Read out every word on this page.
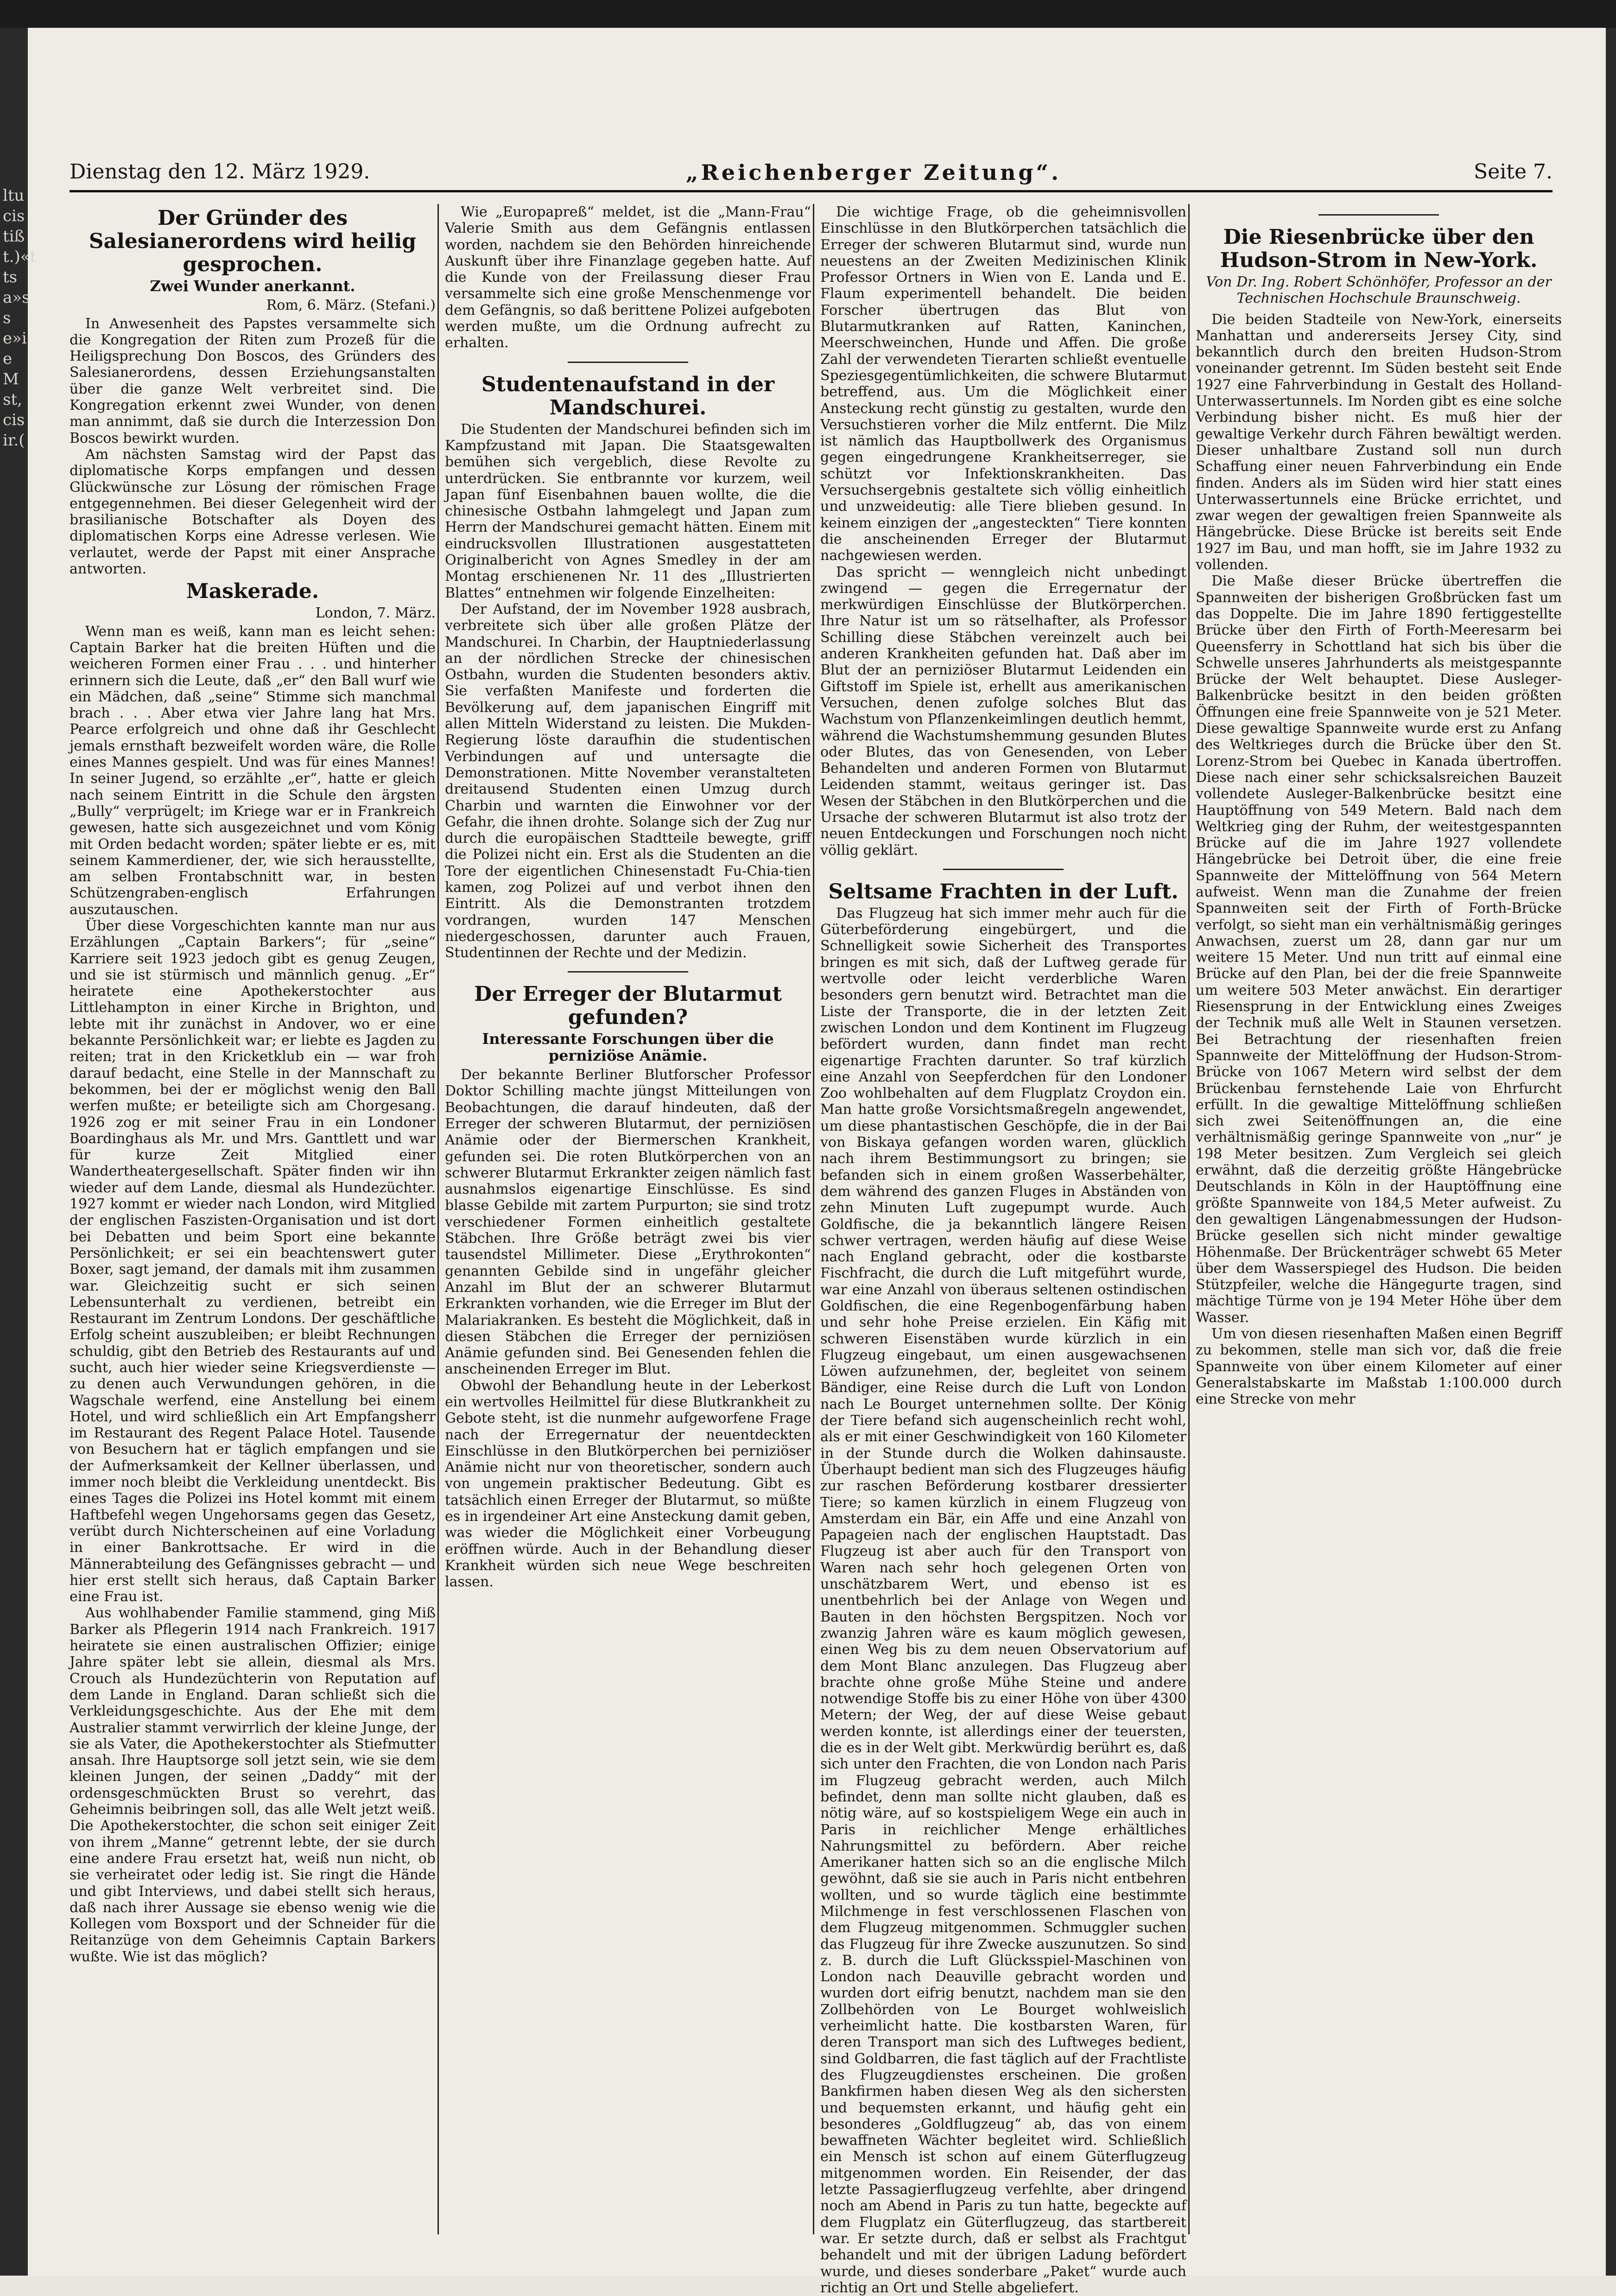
ltucistißt.)«ttsa»sse»ieMst,cisir.(
Dienstag den 12. März 1929.	„Reichenberger Zeitung“.	Seite 7.
Der Gründer des Salesianerordens wird heilig gesprochen.
Zwei Wunder anerkannt.
Rom, 6. März. (Stefani.)

In Anwesenheit des Papstes versammelte sich die Kongregation der Riten zum Prozeß für die Heiligsprechung Don Boscos, des Gründers des Salesianerordens, dessen Erziehungsanstalten über die ganze Welt verbreitet sind. Die Kongregation erkennt zwei Wunder, von denen man annimmt, daß sie durch die Interzession Don Boscos bewirkt wurden.

Am nächsten Samstag wird der Papst das diplomatische Korps empfangen und dessen Glückwünsche zur Lösung der römischen Frage entgegennehmen. Bei dieser Gelegenheit wird der brasilianische Botschafter als Doyen des diplomatischen Korps eine Adresse verlesen. Wie verlautet, werde der Papst mit einer Ansprache antworten.

Maskerade.
London, 7. März.

Wenn man es weiß, kann man es leicht sehen: Captain Barker hat die breiten Hüften und die weicheren Formen einer Frau . . . und hinterher erinnern sich die Leute, daß „er“ den Ball wurf wie ein Mädchen, daß „seine“ Stimme sich manchmal brach . . . Aber etwa vier Jahre lang hat Mrs. Pearce erfolgreich und ohne daß ihr Geschlecht jemals ernsthaft bezweifelt worden wäre, die Rolle eines Mannes gespielt. Und was für eines Mannes! In seiner Jugend, so erzählte „er“, hatte er gleich nach seinem Eintritt in die Schule den ärgsten „Bully“ verprügelt; im Kriege war er in Frankreich gewesen, hatte sich ausgezeichnet und vom König mit Orden bedacht worden; später liebte er es, mit seinem Kammerdiener, der, wie sich herausstellte, am selben Frontabschnitt war, in besten Schützengraben-englisch Erfahrungen auszutauschen.

Über diese Vorgeschichten kannte man nur aus Erzählungen „Captain Barkers“; für „seine“ Karriere seit 1923 jedoch gibt es genug Zeugen, und sie ist stürmisch und männlich genug. „Er“ heiratete eine Apothekerstochter aus Littlehampton in einer Kirche in Brighton, und lebte mit ihr zunächst in Andover, wo er eine bekannte Persönlichkeit war; er liebte es Jagden zu reiten; trat in den Kricketklub ein — war froh darauf bedacht, eine Stelle in der Mannschaft zu bekommen, bei der er möglichst wenig den Ball werfen mußte; er beteiligte sich am Chorgesang. 1926 zog er mit seiner Frau in ein Londoner Boardinghaus als Mr. und Mrs. Ganttlett und war für kurze Zeit Mitglied einer Wandertheatergesellschaft. Später finden wir ihn wieder auf dem Lande, diesmal als Hundezüchter. 1927 kommt er wieder nach London, wird Mitglied der englischen Faszisten-Organisation und ist dort bei Debatten und beim Sport eine bekannte Persönlichkeit; er sei ein beachtenswert guter Boxer, sagt jemand, der damals mit ihm zusammen war. Gleichzeitig sucht er sich seinen Lebensunterhalt zu verdienen, betreibt ein Restaurant im Zentrum Londons. Der geschäftliche Erfolg scheint auszubleiben; er bleibt Rechnungen schuldig, gibt den Betrieb des Restaurants auf und sucht, auch hier wieder seine Kriegsverdienste — zu denen auch Verwundungen gehören, in die Wagschale werfend, eine Anstellung bei einem Hotel, und wird schließlich ein Art Empfangsherr im Restaurant des Regent Palace Hotel. Tausende von Besuchern hat er täglich empfangen und sie der Aufmerksamkeit der Kellner überlassen, und immer noch bleibt die Verkleidung unentdeckt. Bis eines Tages die Polizei ins Hotel kommt mit einem Haftbefehl wegen Ungehorsams gegen das Gesetz, verübt durch Nichterscheinen auf eine Vorladung in einer Bankrottsache. Er wird in die Männerabteilung des Gefängnisses gebracht — und hier erst stellt sich heraus, daß Captain Barker eine Frau ist.

Aus wohlhabender Familie stammend, ging Miß Barker als Pflegerin 1914 nach Frankreich. 1917 heiratete sie einen australischen Offizier; einige Jahre später lebt sie allein, diesmal als Mrs. Crouch als Hundezüchterin von Reputation auf dem Lande in England. Daran schließt sich die Verkleidungsgeschichte. Aus der Ehe mit dem Australier stammt verwirrlich der kleine Junge, der sie als Vater, die Apothekerstochter als Stiefmutter ansah. Ihre Hauptsorge soll jetzt sein, wie sie dem kleinen Jungen, der seinen „Daddy“ mit der ordensgeschmückten Brust so verehrt, das Geheimnis beibringen soll, das alle Welt jetzt weiß. Die Apothekerstochter, die schon seit einiger Zeit von ihrem „Manne“ getrennt lebte, der sie durch eine andere Frau ersetzt hat, weiß nun nicht, ob sie verheiratet oder ledig ist. Sie ringt die Hände und gibt Interviews, und dabei stellt sich heraus, daß nach ihrer Aussage sie ebenso wenig wie die Kollegen vom Boxsport und der Schneider für die Reitanzüge von dem Geheimnis Captain Barkers wußte. Wie ist das möglich?

Wie „Europapreß“ meldet, ist die „Mann-Frau“ Valerie Smith aus dem Gefängnis entlassen worden, nachdem sie den Behörden hinreichende Auskunft über ihre Finanzlage gegeben hatte. Auf die Kunde von der Freilassung dieser Frau versammelte sich eine große Menschenmenge vor dem Gefängnis, so daß berittene Polizei aufgeboten werden mußte, um die Ordnung aufrecht zu erhalten.

Studentenaufstand in der Mandschurei.

Die Studenten der Mandschurei befinden sich im Kampfzustand mit Japan. Die Staatsgewalten bemühen sich vergeblich, diese Revolte zu unterdrücken. Sie entbrannte vor kurzem, weil Japan fünf Eisenbahnen bauen wollte, die die chinesische Ostbahn lahmgelegt und Japan zum Herrn der Mandschurei gemacht hätten. Einem mit eindrucksvollen Illustrationen ausgestatteten Originalbericht von Agnes Smedley in der am Montag erschienenen Nr. 11 des „Illustrierten Blattes“ entnehmen wir folgende Einzelheiten:

Der Aufstand, der im November 1928 ausbrach, verbreitete sich über alle großen Plätze der Mandschurei. In Charbin, der Hauptniederlassung an der nördlichen Strecke der chinesischen Ostbahn, wurden die Studenten besonders aktiv. Sie verfaßten Manifeste und forderten die Bevölkerung auf, dem japanischen Eingriff mit allen Mitteln Widerstand zu leisten. Die Mukden-Regierung löste daraufhin die studentischen Verbindungen auf und untersagte die Demonstrationen. Mitte November veranstalteten dreitausend Studenten einen Umzug durch Charbin und warnten die Einwohner vor der Gefahr, die ihnen drohte. Solange sich der Zug nur durch die europäischen Stadtteile bewegte, griff die Polizei nicht ein. Erst als die Studenten an die Tore der eigentlichen Chinesenstadt Fu-Chia-tien kamen, zog Polizei auf und verbot ihnen den Eintritt. Als die Demonstranten trotzdem vordrangen, wurden 147 Menschen niedergeschossen, darunter auch Frauen, Studentinnen der Rechte und der Medizin.

Der Erreger der Blutarmut gefunden?
Interessante Forschungen über die perniziöse Anämie.

Der bekannte Berliner Blutforscher Professor Doktor Schilling machte jüngst Mitteilungen von Beobachtungen, die darauf hindeuten, daß der Erreger der schweren Blutarmut, der perniziösen Anämie oder der Biermerschen Krankheit, gefunden sei. Die roten Blutkörperchen von an schwerer Blutarmut Erkrankter zeigen nämlich fast ausnahmslos eigenartige Einschlüsse. Es sind blasse Gebilde mit zartem Purpurton; sie sind trotz verschiedener Formen einheitlich gestaltete Stäbchen. Ihre Größe beträgt zwei bis vier tausendstel Millimeter. Diese „Erythrokonten“ genannten Gebilde sind in ungefähr gleicher Anzahl im Blut der an schwerer Blutarmut Erkrankten vorhanden, wie die Erreger im Blut der Malariakranken. Es besteht die Möglichkeit, daß in diesen Stäbchen die Erreger der perniziösen Anämie gefunden sind. Bei Genesenden fehlen die anscheinenden Erreger im Blut.

Obwohl der Behandlung heute in der Leberkost ein wertvolles Heilmittel für diese Blutkrankheit zu Gebote steht, ist die nunmehr aufgeworfene Frage nach der Erregernatur der neuentdeckten Einschlüsse in den Blutkörperchen bei perniziöser Anämie nicht nur von theoretischer, sondern auch von ungemein praktischer Bedeutung. Gibt es tatsächlich einen Erreger der Blutarmut, so müßte es in irgendeiner Art eine Ansteckung damit geben, was wieder die Möglichkeit einer Vorbeugung eröffnen würde. Auch in der Behandlung dieser Krankheit würden sich neue Wege beschreiten lassen.

Die wichtige Frage, ob die geheimnisvollen Einschlüsse in den Blutkörperchen tatsächlich die Erreger der schweren Blutarmut sind, wurde nun neuestens an der Zweiten Medizinischen Klinik Professor Ortners in Wien von E. Landa und E. Flaum experimentell behandelt. Die beiden Forscher übertrugen das Blut von Blutarmutkranken auf Ratten, Kaninchen, Meerschweinchen, Hunde und Affen. Die große Zahl der verwendeten Tierarten schließt eventuelle Speziesgegentümlichkeiten, die schwere Blutarmut betreffend, aus. Um die Möglichkeit einer Ansteckung recht günstig zu gestalten, wurde den Versuchstieren vorher die Milz entfernt. Die Milz ist nämlich das Hauptbollwerk des Organismus gegen eingedrungene Krankheitserreger, sie schützt vor Infektionskrankheiten. Das Versuchsergebnis gestaltete sich völlig einheitlich und unzweideutig: alle Tiere blieben gesund. In keinem einzigen der „angesteckten“ Tiere konnten die anscheinenden Erreger der Blutarmut nachgewiesen werden.

Das spricht — wenngleich nicht unbedingt zwingend — gegen die Erregernatur der merkwürdigen Einschlüsse der Blutkörperchen. Ihre Natur ist um so rätselhafter, als Professor Schilling diese Stäbchen vereinzelt auch bei anderen Krankheiten gefunden hat. Daß aber im Blut der an perniziöser Blutarmut Leidenden ein Giftstoff im Spiele ist, erhellt aus amerikanischen Versuchen, denen zufolge solches Blut das Wachstum von Pflanzenkeimlingen deutlich hemmt, während die Wachstumshemmung gesunden Blutes oder Blutes, das von Genesenden, von Leber Behandelten und anderen Formen von Blutarmut Leidenden stammt, weitaus geringer ist. Das Wesen der Stäbchen in den Blutkörperchen und die Ursache der schweren Blutarmut ist also trotz der neuen Entdeckungen und Forschungen noch nicht völlig geklärt.

Seltsame Frachten in der Luft.

Das Flugzeug hat sich immer mehr auch für die Güterbeförderung eingebürgert, und die Schnelligkeit sowie Sicherheit des Transportes bringen es mit sich, daß der Luftweg gerade für wertvolle oder leicht verderbliche Waren besonders gern benutzt wird. Betrachtet man die Liste der Transporte, die in der letzten Zeit zwischen London und dem Kontinent im Flugzeug befördert wurden, dann findet man recht eigenartige Frachten darunter. So traf kürzlich eine Anzahl von Seepferdchen für den Londoner Zoo wohlbehalten auf dem Flugplatz Croydon ein. Man hatte große Vorsichtsmaßregeln angewendet, um diese phantastischen Geschöpfe, die in der Bai von Biskaya gefangen worden waren, glücklich nach ihrem Bestimmungsort zu bringen; sie befanden sich in einem großen Wasserbehälter, dem während des ganzen Fluges in Abständen von zehn Minuten Luft zugepumpt wurde. Auch Goldfische, die ja bekanntlich längere Reisen schwer vertragen, werden häufig auf diese Weise nach England gebracht, oder die kostbarste Fischfracht, die durch die Luft mitgeführt wurde, war eine Anzahl von überaus seltenen ostindischen Goldfischen, die eine Regenbogenfärbung haben und sehr hohe Preise erzielen. Ein Käfig mit schweren Eisenstäben wurde kürzlich in ein Flugzeug eingebaut, um einen ausgewachsenen Löwen aufzunehmen, der, begleitet von seinem Bändiger, eine Reise durch die Luft von London nach Le Bourget unternehmen sollte. Der König der Tiere befand sich augenscheinlich recht wohl, als er mit einer Geschwindigkeit von 160 Kilometer in der Stunde durch die Wolken dahinsauste. Überhaupt bedient man sich des Flugzeuges häufig zur raschen Beförderung kostbarer dressierter Tiere; so kamen kürzlich in einem Flugzeug von Amsterdam ein Bär, ein Affe und eine Anzahl von Papageien nach der englischen Hauptstadt. Das Flugzeug ist aber auch für den Transport von Waren nach sehr hoch gelegenen Orten von unschätzbarem Wert, und ebenso ist es unentbehrlich bei der Anlage von Wegen und Bauten in den höchsten Bergspitzen. Noch vor zwanzig Jahren wäre es kaum möglich gewesen, einen Weg bis zu dem neuen Observatorium auf dem Mont Blanc anzulegen. Das Flugzeug aber brachte ohne große Mühe Steine und andere notwendige Stoffe bis zu einer Höhe von über 4300 Metern; der Weg, der auf diese Weise gebaut werden konnte, ist allerdings einer der teuersten, die es in der Welt gibt. Merkwürdig berührt es, daß sich unter den Frachten, die von London nach Paris im Flugzeug gebracht werden, auch Milch befindet, denn man sollte nicht glauben, daß es nötig wäre, auf so kostspieligem Wege ein auch in Paris in reichlicher Menge erhältliches Nahrungsmittel zu befördern. Aber reiche Amerikaner hatten sich so an die englische Milch gewöhnt, daß sie sie auch in Paris nicht entbehren wollten, und so wurde täglich eine bestimmte Milchmenge in fest verschlossenen Flaschen von dem Flugzeug mitgenommen. Schmuggler suchen das Flugzeug für ihre Zwecke auszunutzen. So sind z. B. durch die Luft Glücksspiel-Maschinen von London nach Deauville gebracht worden und wurden dort eifrig benutzt, nachdem man sie den Zollbehörden von Le Bourget wohlweislich verheimlicht hatte. Die kostbarsten Waren, für deren Transport man sich des Luftweges bedient, sind Goldbarren, die fast täglich auf der Frachtliste des Flugzeugdienstes erscheinen. Die großen Bankfirmen haben diesen Weg als den sichersten und bequemsten erkannt, und häufig geht ein besonderes „Goldflugzeug“ ab, das von einem bewaffneten Wächter begleitet wird. Schließlich ein Mensch ist schon auf einem Güterflugzeug mitgenommen worden. Ein Reisender, der das letzte Passagierflugzeug verfehlte, aber dringend noch am Abend in Paris zu tun hatte, begeckte auf dem Flugplatz ein Güterflugzeug, das startbereit war. Er setzte durch, daß er selbst als Frachtgut behandelt und mit der übrigen Ladung befördert wurde, und dieses sonderbare „Paket“ wurde auch richtig an Ort und Stelle abgeliefert.

Die Riesenbrücke über den Hudson-Strom in New-York.
Von Dr. Ing. Robert Schönhöfer, Professor an der Technischen Hochschule Braunschweig.

Die beiden Stadteile von New-York, einerseits Manhattan und andererseits Jersey City, sind bekanntlich durch den breiten Hudson-Strom voneinander getrennt. Im Süden besteht seit Ende 1927 eine Fahrverbindung in Gestalt des Holland-Unterwassertunnels. Im Norden gibt es eine solche Verbindung bisher nicht. Es muß hier der gewaltige Verkehr durch Fähren bewältigt werden. Dieser unhaltbare Zustand soll nun durch Schaffung einer neuen Fahrverbindung ein Ende finden. Anders als im Süden wird hier statt eines Unterwassertunnels eine Brücke errichtet, und zwar wegen der gewaltigen freien Spannweite als Hängebrücke. Diese Brücke ist bereits seit Ende 1927 im Bau, und man hofft, sie im Jahre 1932 zu vollenden.

Die Maße dieser Brücke übertreffen die Spannweiten der bisherigen Großbrücken fast um das Doppelte. Die im Jahre 1890 fertiggestellte Brücke über den Firth of Forth-Meeresarm bei Queensferry in Schottland hat sich bis über die Schwelle unseres Jahrhunderts als meistgespannte Brücke der Welt behauptet. Diese Ausleger-Balkenbrücke besitzt in den beiden größten Öffnungen eine freie Spannweite von je 521 Meter. Diese gewaltige Spannweite wurde erst zu Anfang des Weltkrieges durch die Brücke über den St. Lorenz-Strom bei Quebec in Kanada übertroffen. Diese nach einer sehr schicksalsreichen Bauzeit vollendete Ausleger-Balkenbrücke besitzt eine Hauptöffnung von 549 Metern. Bald nach dem Weltkrieg ging der Ruhm, der weitestgespannten Brücke auf die im Jahre 1927 vollendete Hängebrücke bei Detroit über, die eine freie Spannweite der Mittelöffnung von 564 Metern aufweist. Wenn man die Zunahme der freien Spannweiten seit der Firth of Forth-Brücke verfolgt, so sieht man ein verhältnismäßig geringes Anwachsen, zuerst um 28, dann gar nur um weitere 15 Meter. Und nun tritt auf einmal eine Brücke auf den Plan, bei der die freie Spannweite um weitere 503 Meter anwächst. Ein derartiger Riesensprung in der Entwicklung eines Zweiges der Technik muß alle Welt in Staunen versetzen. Bei Betrachtung der riesenhaften freien Spannweite der Mittelöffnung der Hudson-Strom-Brücke von 1067 Metern wird selbst der dem Brückenbau fernstehende Laie von Ehrfurcht erfüllt. In die gewaltige Mittelöffnung schließen sich zwei Seitenöffnungen an, die eine verhältnismäßig geringe Spannweite von „nur“ je 198 Meter besitzen. Zum Vergleich sei gleich erwähnt, daß die derzeitig größte Hängebrücke Deutschlands in Köln in der Hauptöffnung eine größte Spannweite von 184,5 Meter aufweist. Zu den gewaltigen Längenabmessungen der Hudson-Brücke gesellen sich nicht minder gewaltige Höhenmaße. Der Brückenträger schwebt 65 Meter über dem Wasserspiegel des Hudson. Die beiden Stützpfeiler, welche die Hängegurte tragen, sind mächtige Türme von je 194 Meter Höhe über dem Wasser.

Um von diesen riesenhaften Maßen einen Begriff zu bekommen, stelle man sich vor, daß die freie Spannweite von über einem Kilometer auf einer Generalstabskarte im Maßstab 1:100.000 durch eine Strecke von mehr
